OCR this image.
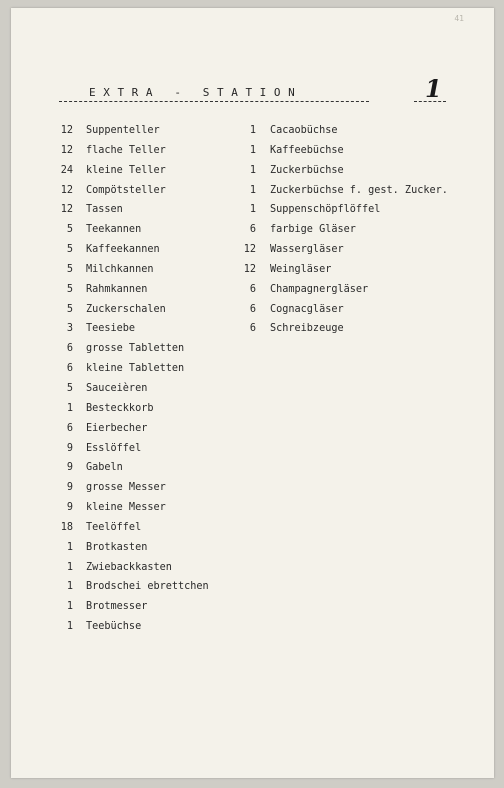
41
EXTRA - STATION	1
12 Suppenteller
12 flache Teller
24 kleine Teller
12 Compötsteller
12 Tassen
5 Teekannen
5 Kaffeekannen
5 Milchkannen
5 Rahmkannen
5 Zuckerschalen
3 Teesiebe
6 grosse Tabletten
6 kleine Tabletten
5 Sauceièren
1 Besteckkorb
6 Eierbecher
9 Esslöffel
9 Gabeln
9 grosse Messer
9 kleine Messer
18 Teelöffel
1 Brotkasten
1 Zwiebackkasten
1 Brodschei ebrettchen
1 Brotmesser
1 Teebüchse
1 Cacaobüchse
1 Kaffeebüchse
1 Zuckerbüchse
1 Zuckerbüchse f. gest. Zucker.
1 Suppenschöpflöffel
6 farbige Gläser
12 Wassergläser
12 Weingläser
6 Champagnergläser
6 Cognacgläser
6 Schreibzeuge
